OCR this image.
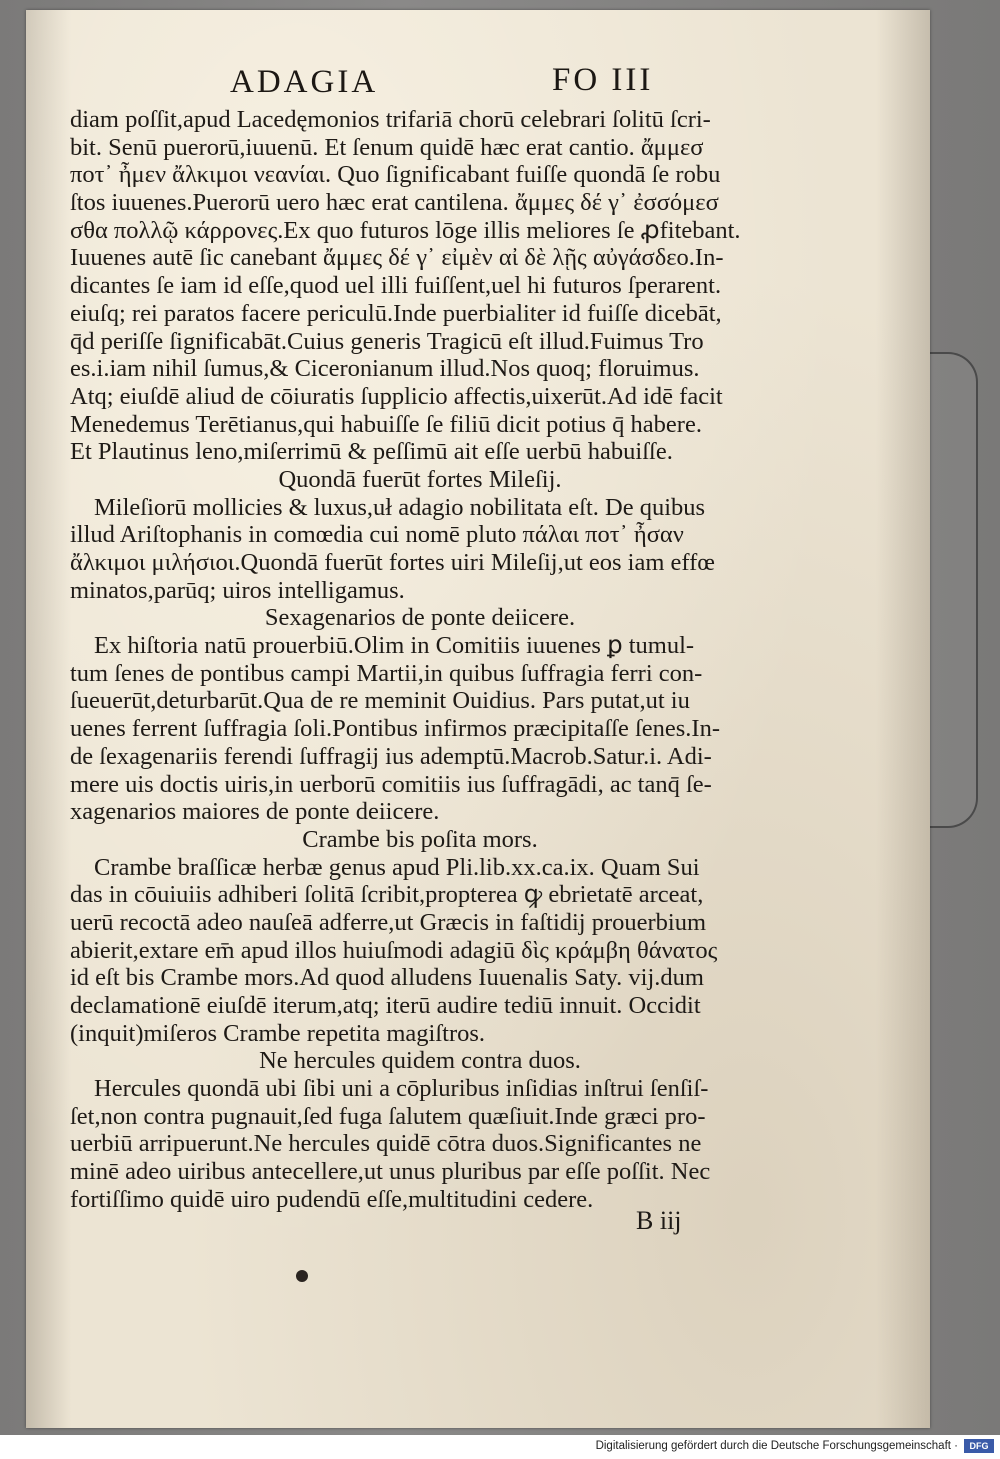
ADAGIA	FO III
diam poſſit,apud Lacedęmonios trifariā chorū celebrari ſolitū ſcri-
bit. Senū puerorū,iuuenū. Et ſenum quidē hæc erat cantio. ἄμμεσ
ποτ᾽ ἦμεν ἄλκιμοι νεανίαι. Quo ſignificabant fuiſſe quondā ſe robu
ſtos iuuenes.Puerorū uero hæc erat cantilena. ἄμμες δέ γ᾽ ἐσσόμεσ
σθα πολλῷ κάρρονες.Ex quo futuros lōge illis meliores ſe ꝓfitebant.
Iuuenes autē ſic canebant ἄμμες δέ γ᾽ εἰμὲν αἰ δὲ λῇς αὐγάσδεο.In-
dicantes ſe iam id eſſe,quod uel illi fuiſſent,uel hi futuros ſperarent.
eiuſq; rei paratos facere periculū.Inde puerbialiter id fuiſſe dicebāt,
q̄d periſſe ſignificabāt.Cuius generis Tragicū eſt illud.Fuimus Tro
es.i.iam nihil ſumus,& Ciceronianum illud.Nos quoq; floruimus.
Atq; eiuſdē aliud de cōiuratis ſupplicio affectis,uixerūt.Ad idē facit
Menedemus Terētianus,qui habuiſſe ſe filiū dicit potius q̄ habere.
Et Plautinus leno,miſerrimū & peſſimū ait eſſe uerbū habuiſſe.
Quondā fuerūt fortes Mileſij.
Mileſiorū mollicies & luxus,uł adagio nobilitata eſt. De quibus
illud Ariſtophanis in comœdia cui nomē pluto πάλαι ποτ᾽ ἦσαν
ἄλκιμοι μιλήσιοι.Quondā fuerūt fortes uiri Mileſij,ut eos iam effœ
minatos,parūq; uiros intelligamus.
Sexagenarios de ponte deiicere.
Ex hiſtoria natū prouerbiū.Olim in Comitiis iuuenes ꝑ tumul-
tum ſenes de pontibus campi Martii,in quibus ſuffragia ferri con-
ſueuerūt,deturbarūt.Qua de re meminit Ouidius. Pars putat,ut iu
uenes ferrent ſuffragia ſoli.Pontibus infirmos præcipitaſſe ſenes.In-
de ſexagenariis ferendi ſuffragij ius ademptū.Macrob.Satur.i. Adi-
mere uis doctis uiris,in uerborū comitiis ius ſuffragādi, ac tanq̄ ſe-
xagenarios maiores de ponte deiicere.
Crambe bis poſita mors.
Crambe braſſicæ herbæ genus apud Pli.lib.xx.ca.ix. Quam Sui
das in cōuiuiis adhiberi ſolitā ſcribit,propterea ꝙ ebrietatē arceat,
uerū recoctā adeo nauſeā adferre,ut Græcis in faſtidij prouerbium
abierit,extare em̄ apud illos huiuſmodi adagiū δὶς κράμβη θάνατος
id eſt bis Crambe mors.Ad quod alludens Iuuenalis Saty. vij.dum
declamationē eiuſdē iterum,atq; iterū audire tediū innuit. Occidit
(inquit)miſeros Crambe repetita magiſtros.
Ne hercules quidem contra duos.
Hercules quondā ubi ſibi uni a cōpluribus inſidias inſtrui ſenſiſ-
ſet,non contra pugnauit,ſed fuga ſalutem quæſiuit.Inde græci pro-
uerbiū arripuerunt.Ne hercules quidē cōtra duos.Significantes ne
minē adeo uiribus antecellere,ut unus pluribus par eſſe poſſit. Nec
fortiſſimo quidē uiro pudendū eſſe,multitudini cedere.
B iij
Digitalisierung gefördert durch die Deutsche Forschungsgemeinschaft ·	DFG
